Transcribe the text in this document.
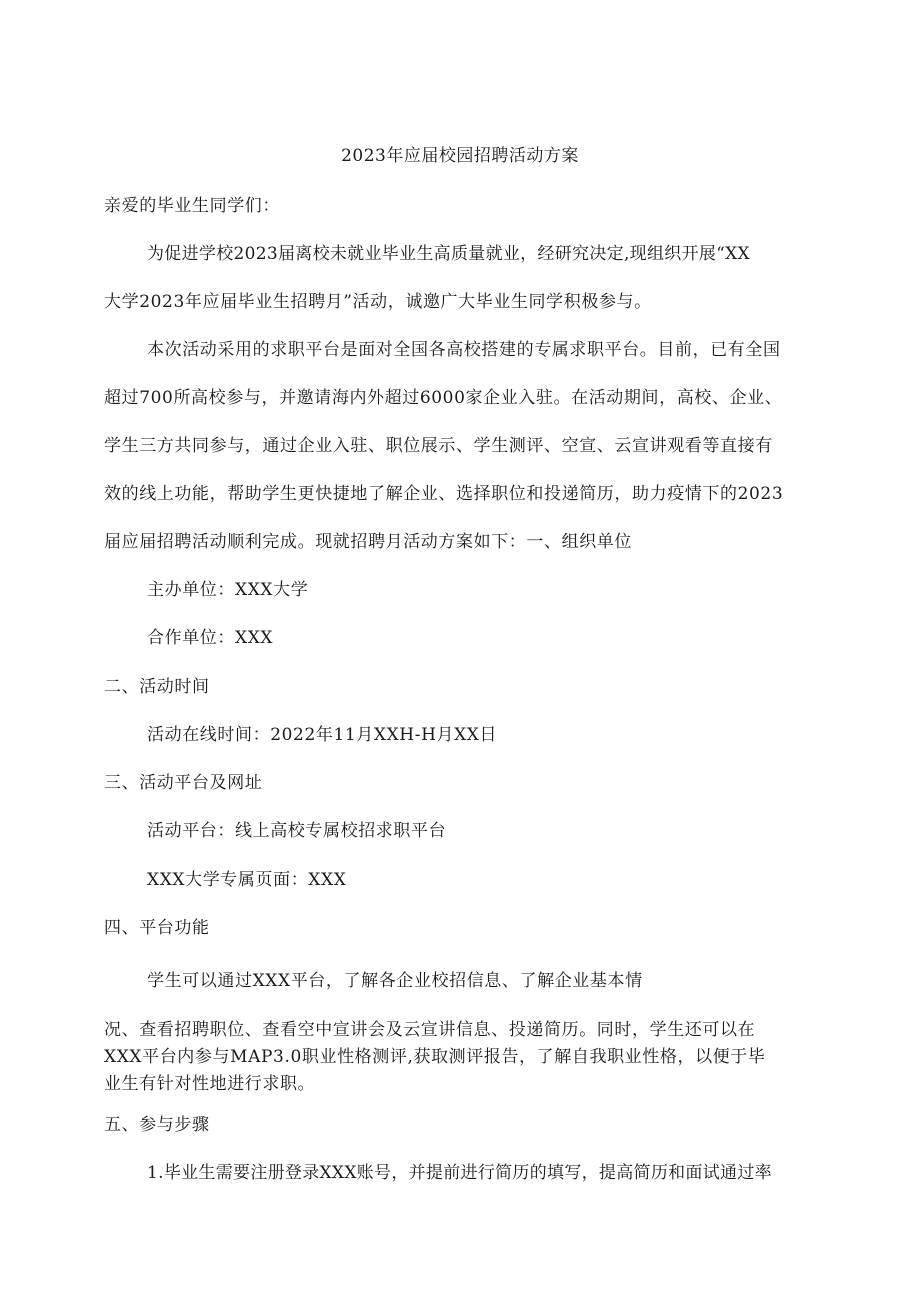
2023年应届校园招聘活动方案
亲爱的毕业生同学们：
为促进学校2023届离校未就业毕业生高质量就业，经研究决定,现组织开展“XX
大学2023年应届毕业生招聘月”活动，诚邀广大毕业生同学积极参与。
本次活动采用的求职平台是面对全国各高校搭建的专属求职平台。目前，已有全国
超过700所高校参与，并邀请海内外超过6000家企业入驻。在活动期间，高校、企业、
学生三方共同参与，通过企业入驻、职位展示、学生测评、空宣、云宣讲观看等直接有
效的线上功能，帮助学生更快捷地了解企业、选择职位和投递简历，助力疫情下的2023
届应届招聘活动顺利完成。现就招聘月活动方案如下：一、组织单位
主办单位：XXX大学
合作单位：XXX
二、活动时间
活动在线时间：2022年11月XXH-H月XX日
三、活动平台及网址
活动平台：线上高校专属校招求职平台
XXX大学专属页面：XXX
四、平台功能
学生可以通过XXX平台，了解各企业校招信息、了解企业基本情
况、查看招聘职位、查看空中宣讲会及云宣讲信息、投递简历。同时，学生还可以在
XXX平台内参与MAP3.0职业性格测评,获取测评报告，了解自我职业性格，以便于毕
业生有针对性地进行求职。
五、参与步骤
1.毕业生需要注册登录XXX账号，并提前进行简历的填写，提高简历和面试通过率
